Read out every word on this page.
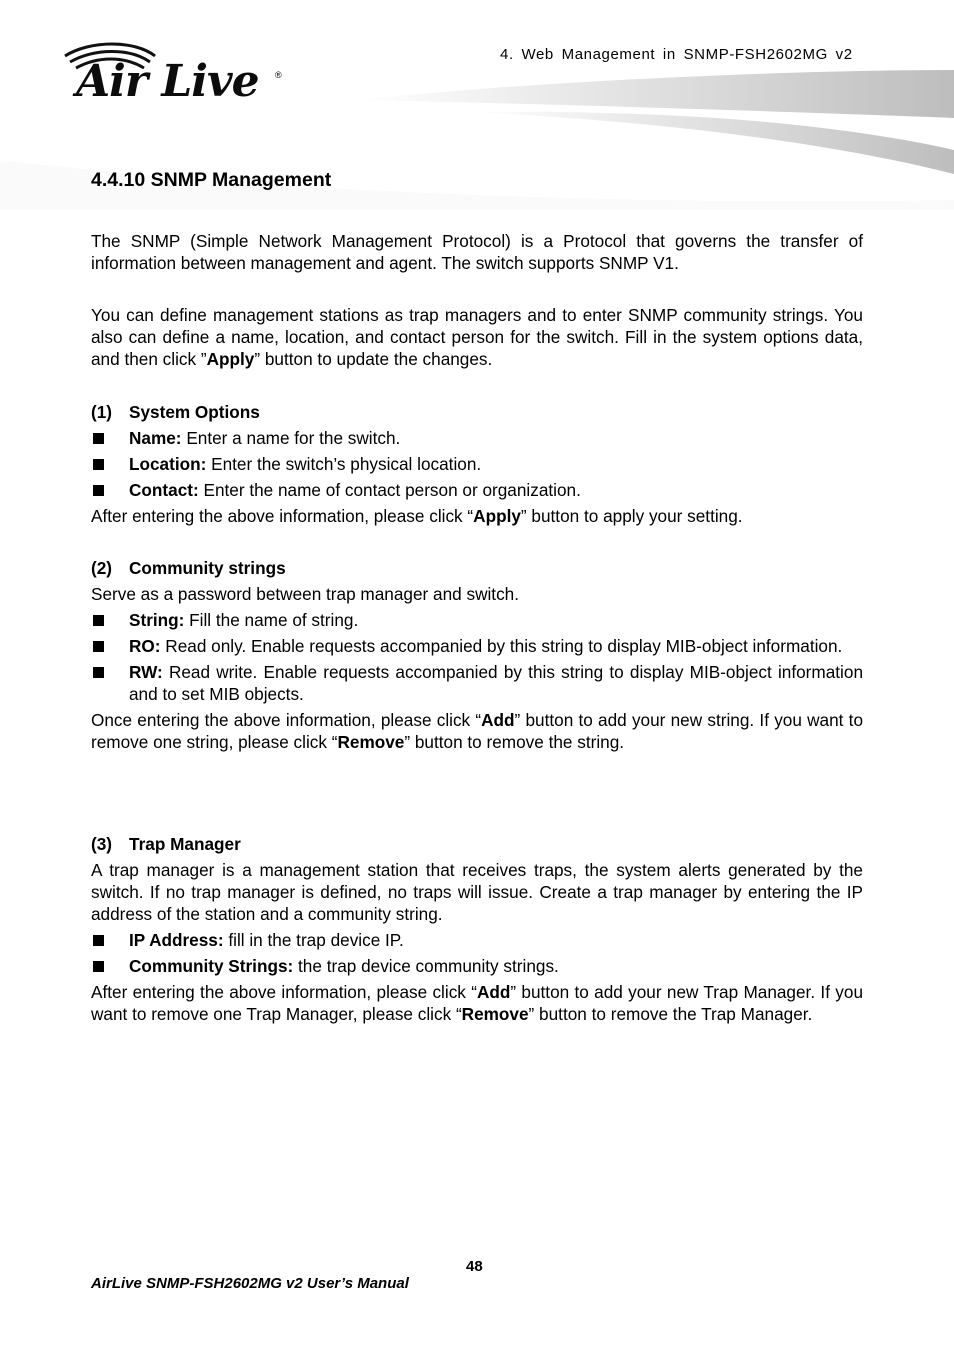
4. Web Management in SNMP-FSH2602MG v2
Air Live ®
4.4.10 SNMP Management

The SNMP (Simple Network Management Protocol) is a Protocol that governs the transfer of information between management and agent. The switch supports SNMP V1.

You can define management stations as trap managers and to enter SNMP community strings. You also can define a name, location, and contact person for the switch. Fill in the system options data, and then click ”Apply” button to update the changes.

(1) System Options
Name: Enter a name for the switch.
Location: Enter the switch’s physical location.
Contact: Enter the name of contact person or organization.

After entering the above information, please click “Apply” button to apply your setting.

(2) Community strings

Serve as a password between trap manager and switch.

String: Fill the name of string.
RO: Read only. Enable requests accompanied by this string to display MIB-object information.
RW: Read write. Enable requests accompanied by this string to display MIB-object information and to set MIB objects.

Once entering the above information, please click “Add” button to add your new string. If you want to remove one string, please click “Remove” button to remove the string.

(3) Trap Manager

A trap manager is a management station that receives traps, the system alerts generated by the switch. If no trap manager is defined, no traps will issue. Create a trap manager by entering the IP address of the station and a community string.

IP Address: fill in the trap device IP.
Community Strings: the trap device community strings.

After entering the above information, please click “Add” button to add your new Trap Manager. If you want to remove one Trap Manager, please click “Remove” button to remove the Trap Manager.

48
AirLive SNMP-FSH2602MG v2 User’s Manual
